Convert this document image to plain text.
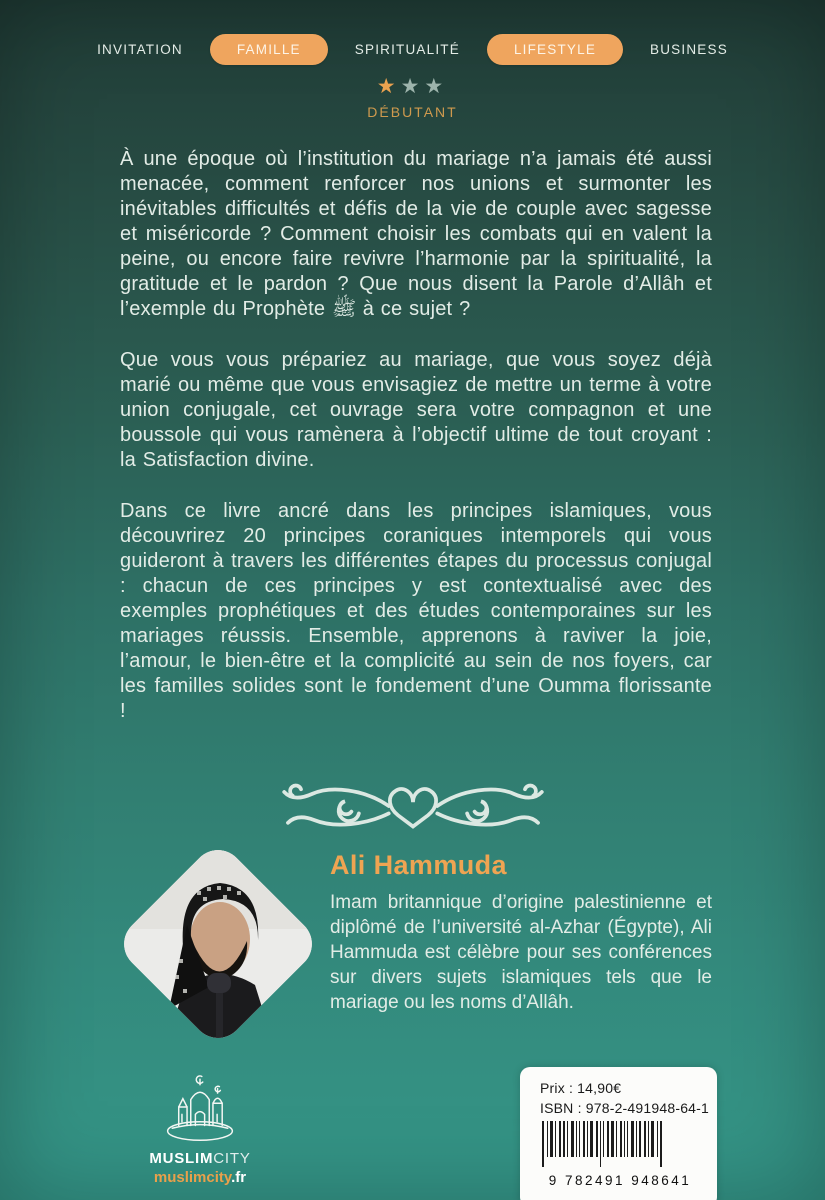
INVITATION	FAMILLE	SPIRITUALITÉ	LIFESTYLE	BUSINESS
★★★
DÉBUTANT

À une époque où l’institution du mariage n’a jamais été aussi menacée, comment renforcer nos unions et surmonter les inévitables difficultés et défis de la vie de couple avec sagesse et miséricorde ? Comment choisir les combats qui en valent la peine, ou encore faire revivre l’harmonie par la spiritualité, la gratitude et le pardon ? Que nous disent la Parole d’Allâh et l’exemple du Prophète ﷺ à ce sujet ?

Que vous vous prépariez au mariage, que vous soyez déjà marié ou même que vous envisagiez de mettre un terme à votre union conjugale, cet ouvrage sera votre compagnon et une boussole qui vous ramènera à l’objectif ultime de tout croyant : la Satisfaction divine.

Dans ce livre ancré dans les principes islamiques, vous découvrirez 20 principes coraniques intemporels qui vous guideront à travers les différentes étapes du processus conjugal : chacun de ces principes y est contextualisé avec des exemples prophétiques et des études contemporaines sur les mariages réussis. Ensemble, apprenons à raviver la joie, l’amour, le bien-être et la complicité au sein de nos foyers, car les familles solides sont le fondement d’une Oumma florissante !

Ali Hammuda
Imam britannique d’origine palestinienne et diplômé de l’université al-Azhar (Égypte), Ali Hammuda est célèbre pour ses conférences sur divers sujets islamiques tels que le mariage ou les noms d’Allâh.
MUSLIMCITY
muslimcity.fr
Prix : 14,90€
ISBN : 978-2-491948-64-1
9 782491 948641
